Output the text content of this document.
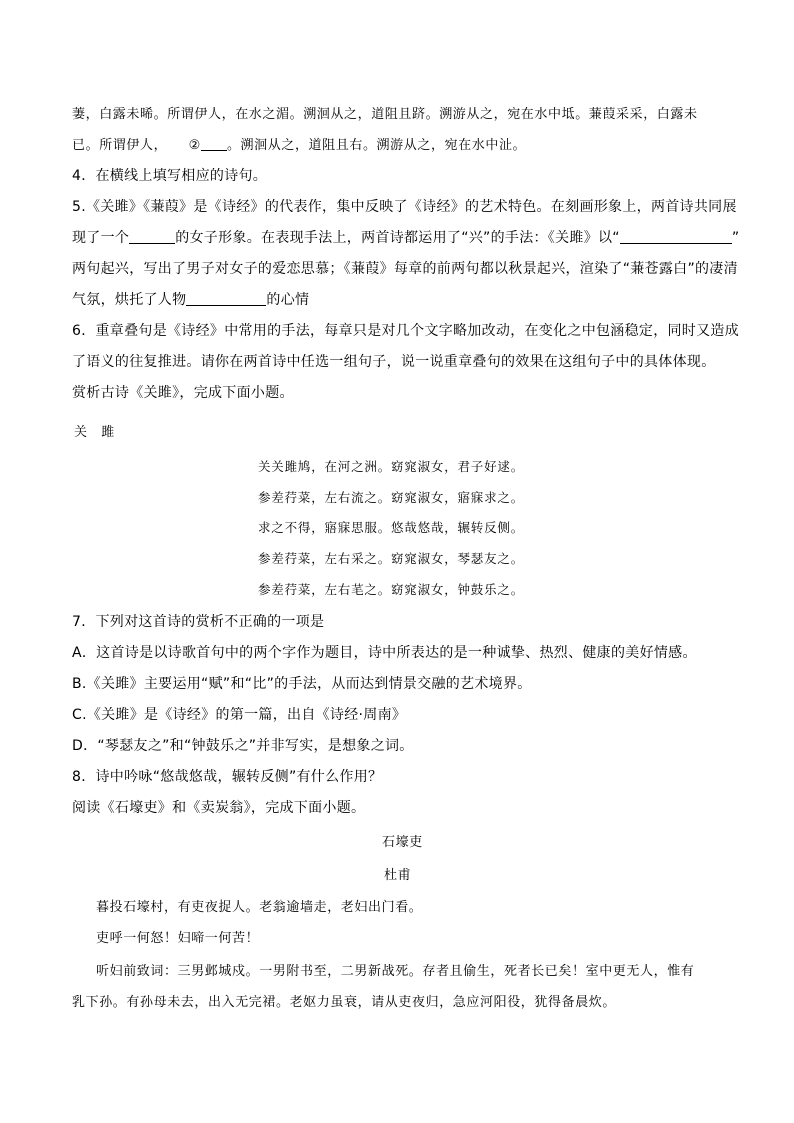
萋，白露未晞。所谓伊人，在水之湄。溯洄从之，道阻且跻。溯游从之，宛在水中坻。蒹葭采采，白露未
已。所谓伊人， ② 。溯洄从之，道阻且右。溯游从之，宛在水中沚。
4．在横线上填写相应的诗句。
5.《关雎》《蒹葭》是《诗经》的代表作，集中反映了《诗经》的艺术特色。在刻画形象上，两首诗共同展
现了一个	的女子形象。在表现手法上，两首诗都运用了“兴”的手法：《关雎》以“	”
两句起兴，写出了男子对女子的爱恋思慕；《蒹葭》每章的前两句都以秋景起兴，渲染了“蒹苍露白”的凄清
气氛，烘托了人物	的心情
6．重章叠句是《诗经》中常用的手法，每章只是对几个文字略加改动，在变化之中包涵稳定，同时又造成
了语义的往复推进。请你在两首诗中任选一组句子，说一说重章叠句的效果在这组句子中的具体体现。
赏析古诗《关雎》，完成下面小题。
关　雎
关关雎鸠，在河之洲。窈窕淑女，君子好逑。
参差荇菜，左右流之。窈窕淑女，寤寐求之。
求之不得，寤寐思服。悠哉悠哉，辗转反侧。
参差荇菜，左右采之。窈窕淑女，琴瑟友之。
参差荇菜，左右芼之。窈窕淑女，钟鼓乐之。
7．下列对这首诗的赏析不正确的一项是
A．这首诗是以诗歌首句中的两个字作为题目，诗中所表达的是一种诚挚、热烈、健康的美好情感。
B.《关雎》主要运用“赋”和“比”的手法，从而达到情景交融的艺术境界。
C.《关雎》是《诗经》的第一篇，出自《诗经·周南》
D．“琴瑟友之”和“钟鼓乐之”并非写实，是想象之词。
8．诗中吟咏“悠哉悠哉，辗转反侧”有什么作用？
阅读《石壕吏》和《卖炭翁》，完成下面小题。
石壕吏
杜甫
暮投石壕村，有吏夜捉人。老翁逾墙走，老妇出门看。
吏呼一何怒！妇啼一何苦！
听妇前致词：三男邺城戍。一男附书至，二男新战死。存者且偷生，死者长已矣！室中更无人，惟有
乳下孙。有孙母未去，出入无完裙。老妪力虽衰，请从吏夜归，急应河阳役，犹得备晨炊。
